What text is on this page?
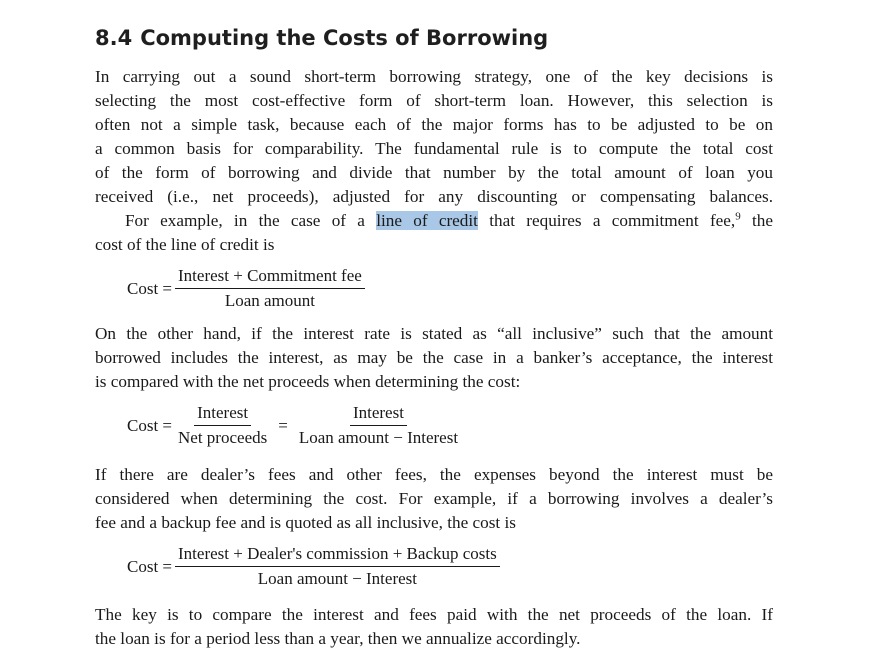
8.4 Computing the Costs of Borrowing
In carrying out a sound short-term borrowing strategy, one of the key decisions is
selecting the most cost-effective form of short-term loan. However, this selection is
often not a simple task, because each of the major forms has to be adjusted to be on
a common basis for comparability. The fundamental rule is to compute the total cost
of the form of borrowing and divide that number by the total amount of loan you
received (i.e., net proceeds), adjusted for any discounting or compensating balances.
For example, in the case of a line of credit that requires a commitment fee,$^9$ the
cost of the line of credit is
Cost = $\frac{\text{Interest + Commitment fee}}{\text{Loan amount}}$
On the other hand, if the interest rate is stated as “all inclusive” such that the amount
borrowed includes the interest, as may be the case in a banker’s acceptance, the interest
is compared with the net proceeds when determining the cost:
Cost = $\frac{\text{Interest}}{\text{Net proceeds}} = \frac{\text{Interest}}{\text{Loan amount − Interest}}$
If there are dealer’s fees and other fees, the expenses beyond the interest must be
considered when determining the cost. For example, if a borrowing involves a dealer’s
fee and a backup fee and is quoted as all inclusive, the cost is
Cost = $\frac{\text{Interest + Dealer's commission + Backup costs}}{\text{Loan amount − Interest}}$
The key is to compare the interest and fees paid with the net proceeds of the loan. If
the loan is for a period less than a year, then we annualize accordingly.
